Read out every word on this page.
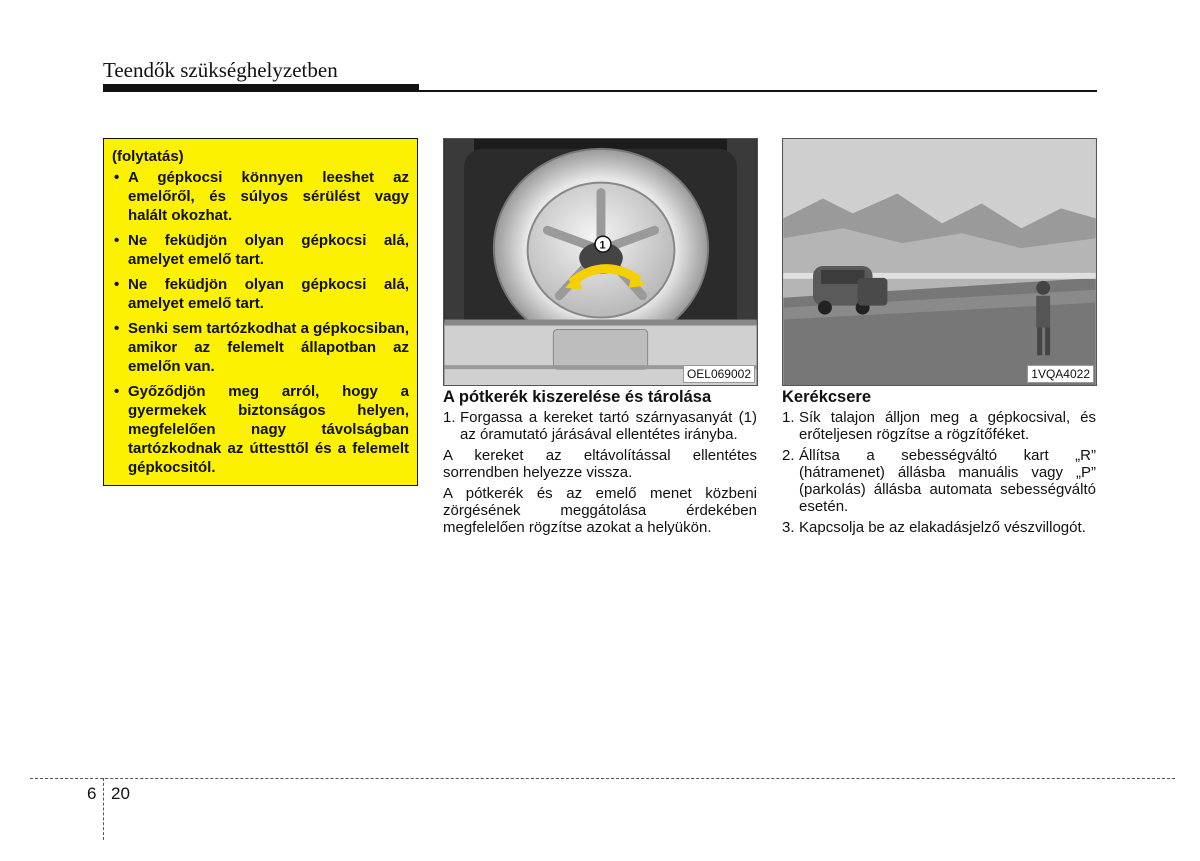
Teendők szükséghelyzetben
(folytatás)
• A gépkocsi könnyen leeshet az emelőről, és súlyos sérülést vagy halált okozhat.
• Ne feküdjön olyan gépkocsi alá, amelyet emelő tart.
• Ne feküdjön olyan gépkocsi alá, amelyet emelő tart.
• Senki sem tartózkodhat a gépkocsiban, amikor az felemelt állapotban az emelőn van.
• Győződjön meg arról, hogy a gyermekek biztonságos helyen, megfelelően nagy távolságban tartózkodnak az úttesttől és a felemelt gépkocsitól.
1
OEL069002	1VQA4022
A pótkerék kiszerelése és tárolása
1. Forgassa a kereket tartó szárnyasanyát (1) az óramutató járásával ellentétes irányba.

A kereket az eltávolítással ellentétes sorrendben helyezze vissza.

A pótkerék és az emelő menet közbeni zörgésének meggátolása érdekében megfelelően rögzítse azokat a helyükön.

Kerékcsere
1. Sík talajon álljon meg a gépkocsival, és erőteljesen rögzítse a rögzítőféket.
2. Állítsa a sebességváltó kart „R” (hátramenet) állásba manuális vagy „P” (parkolás) állásba automata sebességváltó esetén.
3. Kapcsolja be az elakadásjelző vészvillogót.
6 20
